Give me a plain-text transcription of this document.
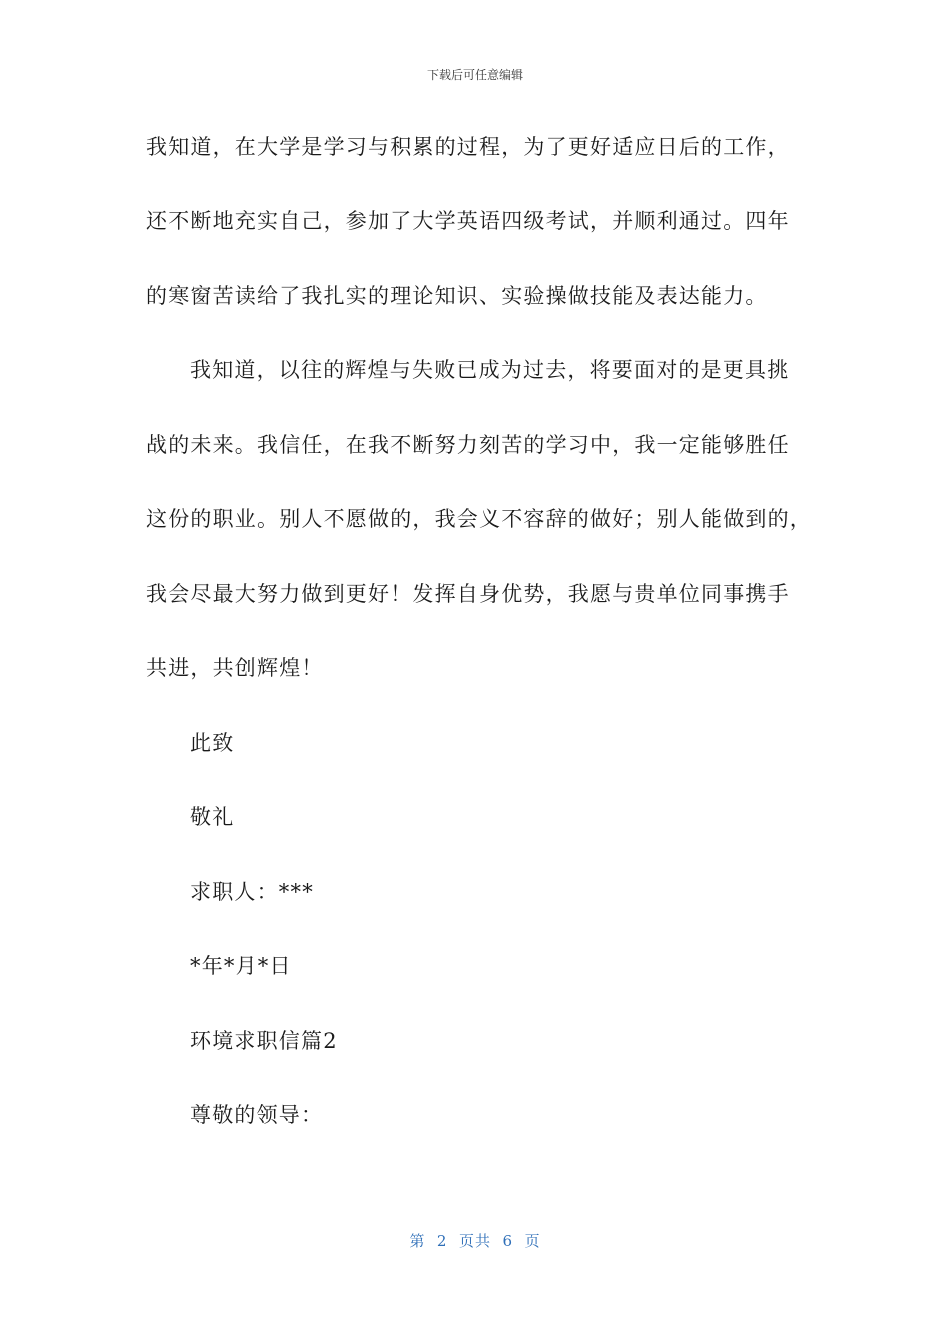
下载后可任意编辑
我知道，在大学是学习与积累的过程，为了更好适应日后的工作，
还不断地充实自己，参加了大学英语四级考试，并顺利通过。四年
的寒窗苦读给了我扎实的理论知识、实验操做技能及表达能力。
我知道，以往的辉煌与失败已成为过去，将要面对的是更具挑
战的未来。我信任，在我不断努力刻苦的学习中，我一定能够胜任
这份的职业。别人不愿做的，我会义不容辞的做好；别人能做到的，
我会尽最大努力做到更好！发挥自身优势，我愿与贵单位同事携手
共进，共创辉煌！
此致
敬礼
求职人：***
*年*月*日
环境求职信篇2
尊敬的领导：
第  2  页共  6  页
